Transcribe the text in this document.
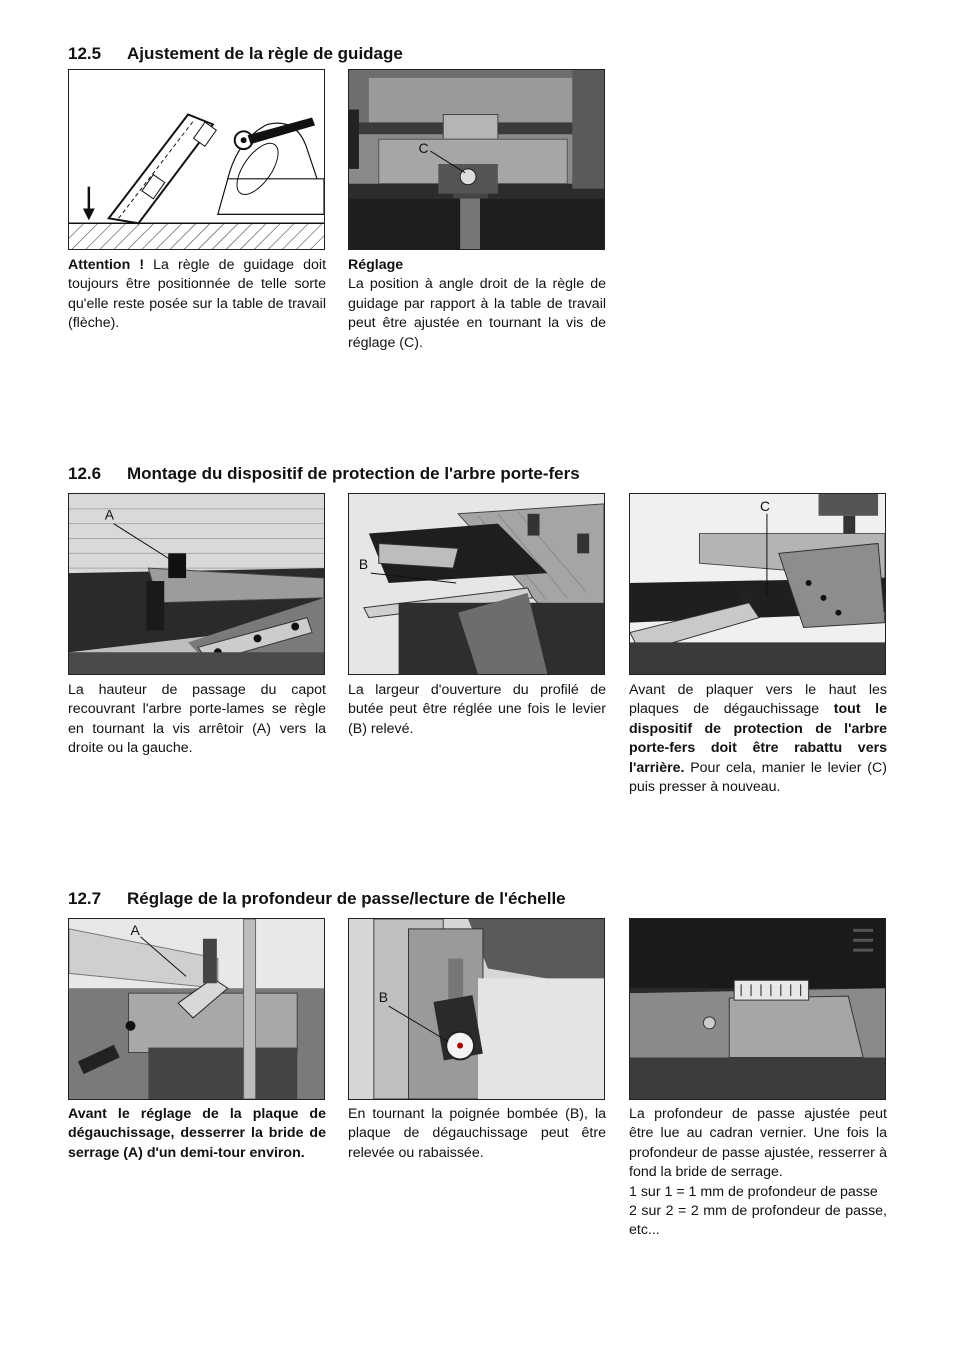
12.5 Ajustement de la règle de guidage
12.6 Montage du dispositif de protection de l'arbre porte-fers
12.7 Réglage de la profondeur de passe/lecture de l'échelle
C

Attention ! La règle de guidage doit toujours être positionnée de telle sorte qu'elle reste posée sur la table de travail (flèche).

Réglage

La position à angle droit de la règle de guidage par rapport à la table de travail peut être ajustée en tournant la vis de réglage (C).

A
B
C

La hauteur de passage du capot recouvrant l'arbre porte-lames se règle en tournant la vis arrêtoir (A) vers la droite ou la gauche.

La largeur d'ouverture du profilé de butée peut être réglée une fois le levier (B) relevé.

Avant de plaquer vers le haut les plaques de dégauchissage tout le dispositif de protection de l'arbre porte-fers doit être rabattu vers l'arrière. Pour cela, manier le levier (C) puis presser à nouveau.

A
B

Avant le réglage de la plaque de dégauchissage, desserrer la bride de serrage (A) d'un demi-tour environ.

En tournant la poignée bombée (B), la plaque de dégauchissage peut être relevée ou rabaissée.

La profondeur de passe ajustée peut être lue au cadran vernier. Une fois la profondeur de passe ajustée, resserrer à fond la bride de serrage.

1 sur 1 = 1 mm de profondeur de passe

2 sur 2 = 2 mm de profondeur de passe, etc...
